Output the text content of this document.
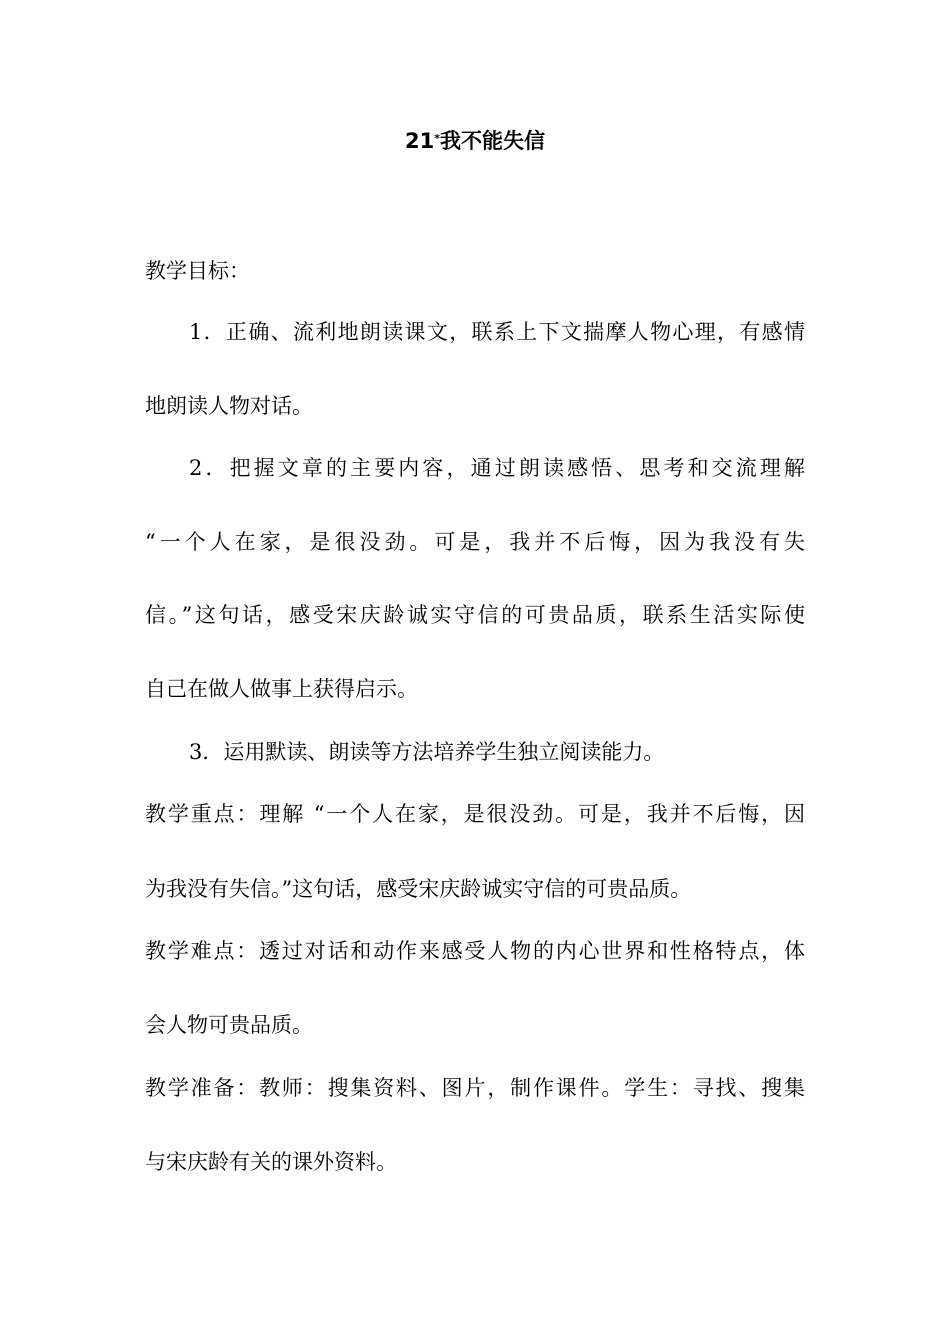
21*我不能失信
教学目标：
1．正确、流利地朗读课文，联系上下文揣摩人物心理，有感情
地朗读人物对话。
2．把握文章的主要内容，通过朗读感悟、思考和交流理解
“一个人在家，是很没劲。可是，我并不后悔，因为我没有失
信。”这句话，感受宋庆龄诚实守信的可贵品质，联系生活实际使
自己在做人做事上获得启示。
3．运用默读、朗读等方法培养学生独立阅读能力。
教学重点：理解 “一个人在家，是很没劲。可是，我并不后悔，因
为我没有失信。”这句话，感受宋庆龄诚实守信的可贵品质。
教学难点：透过对话和动作来感受人物的内心世界和性格特点，体
会人物可贵品质。
教学准备：教师：搜集资料、图片，制作课件。学生：寻找、搜集
与宋庆龄有关的课外资料。
